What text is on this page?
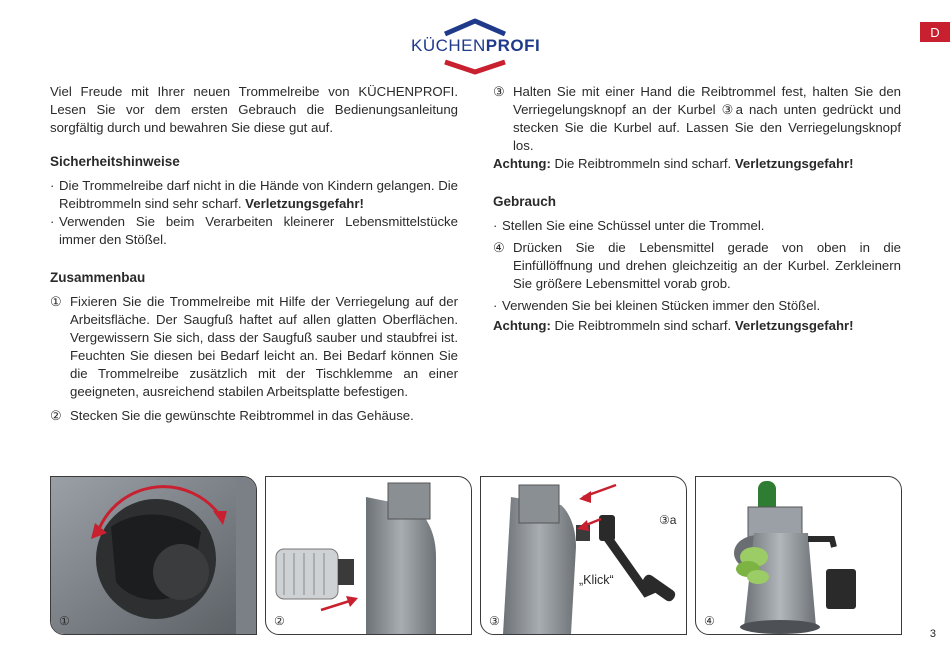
KÜCHENPROFI
D

Viel Freude mit Ihrer neuen Trommelreibe von KÜCHENPROFI. Lesen Sie vor dem ersten Gebrauch die Bedienungsanleitung sorgfältig durch und bewahren Sie diese gut auf.

Sicherheitshinweise

· Die Trommelreibe darf nicht in die Hände von Kindern gelangen. Die Reibtrommeln sind sehr scharf. Verletzungsgefahr!

· Verwenden Sie beim Verarbeiten kleinerer Lebensmittelstücke immer den Stößel.

Zusammenbau

① Fixieren Sie die Trommelreibe mit Hilfe der Verriegelung auf der Arbeitsfläche. Der Saugfuß haftet auf allen glatten Oberflächen. Vergewissern Sie sich, dass der Saugfuß sauber und staubfrei ist. Feuchten Sie diesen bei Bedarf leicht an. Bei Bedarf können Sie die Trommelreibe zusätzlich mit der Tischklemme an einer geeigneten, ausreichend stabilen Arbeitsplatte befestigen.

② Stecken Sie die gewünschte Reibtrommel in das Gehäuse.

③ Halten Sie mit einer Hand die Reibtrommel fest, halten Sie den Verriegelungsknopf an der Kurbel ③a nach unten gedrückt und stecken Sie die Kurbel auf. Lassen Sie den Verriegelungsknopf los.

Achtung: Die Reibtrommeln sind scharf. Verletzungsgefahr!

Gebrauch

· Stellen Sie eine Schüssel unter die Trommel.

④ Drücken Sie die Lebensmittel gerade von oben in die Einfüllöffnung und drehen gleichzeitig an der Kurbel. Zerkleinern Sie größere Lebensmittel vorab grob.

· Verwenden Sie bei kleinen Stücken immer den Stößel.

Achtung: Die Reibtrommeln sind scharf. Verletzungsgefahr!

①	②
③a
„Klick“
③	④
3
